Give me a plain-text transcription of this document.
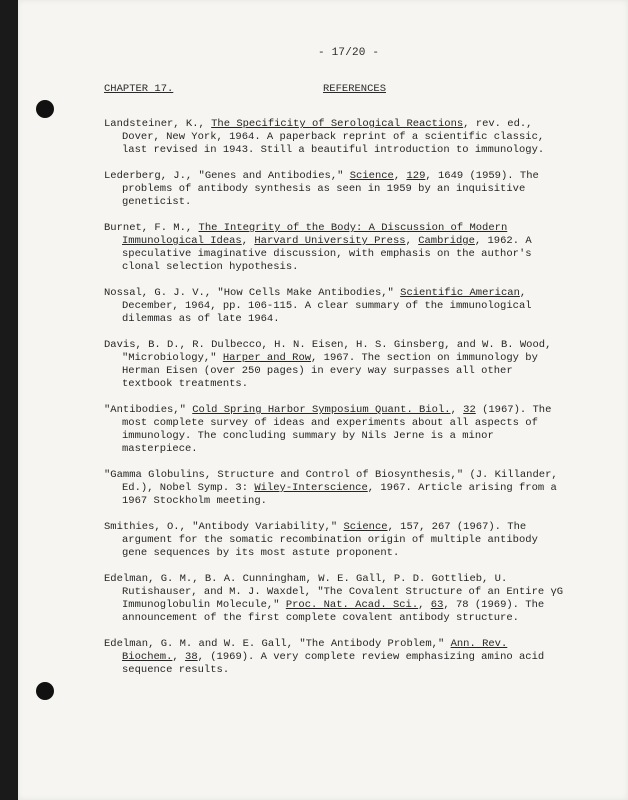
- 17/20 -
CHAPTER 17.	REFERENCES
Landsteiner, K., The Specificity of Serological Reactions, rev. ed., Dover, New York, 1964. A paperback reprint of a scientific classic, last revised in 1943. Still a beautiful introduction to immunology.
Lederberg, J., "Genes and Antibodies," Science, 129, 1649 (1959). The problems of antibody synthesis as seen in 1959 by an inquisitive geneticist.
Burnet, F. M., The Integrity of the Body: A Discussion of Modern Immunological Ideas, Harvard University Press, Cambridge, 1962. A speculative imaginative discussion, with emphasis on the author's clonal selection hypothesis.
Nossal, G. J. V., "How Cells Make Antibodies," Scientific American, December, 1964, pp. 106-115. A clear summary of the immunological dilemmas as of late 1964.
Davis, B. D., R. Dulbecco, H. N. Eisen, H. S. Ginsberg, and W. B. Wood, "Microbiology," Harper and Row, 1967. The section on immunology by Herman Eisen (over 250 pages) in every way surpasses all other textbook treatments.
"Antibodies," Cold Spring Harbor Symposium Quant. Biol., 32 (1967). The most complete survey of ideas and experiments about all aspects of immunology. The concluding summary by Nils Jerne is a minor masterpiece.
"Gamma Globulins, Structure and Control of Biosynthesis," (J. Killander, Ed.), Nobel Symp. 3: Wiley-Interscience, 1967. Article arising from a 1967 Stockholm meeting.
Smithies, O., "Antibody Variability," Science, 157, 267 (1967). The argument for the somatic recombination origin of multiple antibody gene sequences by its most astute proponent.
Edelman, G. M., B. A. Cunningham, W. E. Gall, P. D. Gottlieb, U. Rutishauser, and M. J. Waxdel, "The Covalent Structure of an Entire γG Immunoglobulin Molecule," Proc. Nat. Acad. Sci., 63, 78 (1969). The announcement of the first complete covalent antibody structure.
Edelman, G. M. and W. E. Gall, "The Antibody Problem," Ann. Rev. Biochem., 38, (1969). A very complete review emphasizing amino acid sequence results.
